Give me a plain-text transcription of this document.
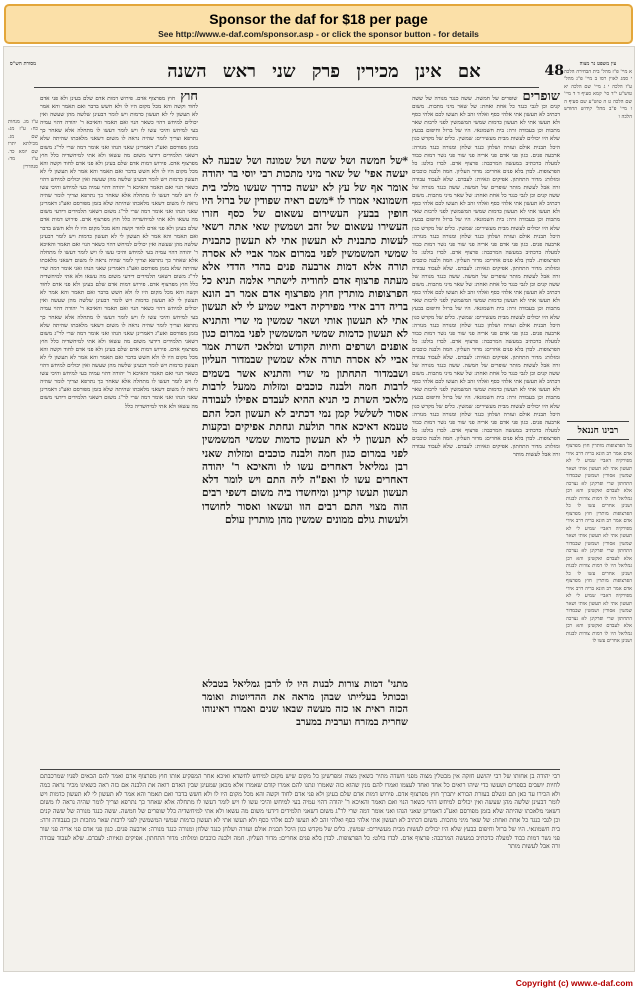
Sponsor the daf for $18 per page
See http://www.e-daf.com/sponsor.asp - or click the sponsor button - for details
48
אם אינן מכירין פרק שני ראש השנה
מסורת הש"ס
ע"ז מג. מנחות כח: ע"ז מג: שם מג. מכילתא יתרו שם יומא כד. ע"ז מד: סנהדרין
חוץ חוץ מפרצוף אדם. פירוש דמות אדם שלם בעינן ולא פני אדם לחוד וקשה והא מכל מקום היו לו ולא חשש בדבר ואם תאמר והא אמר לא תעשון לי לא תעשון כדמות ויש לומר דבעינן שלשה מהן שעשה ואין יכולים למיחש דהוי כשאר הנוי ואם תאמר והאיכא ר' יהודה דהוי עמיה בעי למיחש והיכי עשו לו ויש לומר דעשו לו מתחלה אלא שאחר כך נתרפא וצריך לומר שהיה נראה לו משום דשאני מלאכתו שהיתה שלא בזמן מפורסם ואע"ג דאמרינן שאני הנהו ואני אומר דמה שרי לר"ג משום דשאני תלמידים דידעי משום מה עשאו ולא אתי למיחשדיה כלל חוץ מפרצוף אדם. פירוש דמות אדם שלם בעינן ולא פני אדם לחוד וקשה והא מכל מקום היו לו ולא חשש בדבר ואם תאמר והא אמר לא תעשון לי לא תעשון כדמות ויש לומר דבעינן שלשה מהן שעשה ואין יכולים למיחש דהוי כשאר הנוי ואם תאמר והאיכא ר' יהודה דהוי עמיה בעי למיחש והיכי עשו לו ויש לומר דעשו לו מתחלה אלא שאחר כך נתרפא וצריך לומר שהיה נראה לו משום דשאני מלאכתו שהיתה שלא בזמן מפורסם ואע"ג דאמרינן שאני הנהו ואני אומר דמה שרי לר"ג משום דשאני תלמידים דידעי משום מה עשאו ולא אתי למיחשדיה כלל חוץ מפרצוף אדם. פירוש דמות אדם שלם בעינן ולא פני אדם לחוד וקשה והא מכל מקום היו לו ולא חשש בדבר ואם תאמר והא אמר לא תעשון לי לא תעשון כדמות ויש לומר דבעינן שלשה מהן שעשה ואין יכולים למיחש דהוי כשאר הנוי ואם תאמר והאיכא ר' יהודה דהוי עמיה בעי למיחש והיכי עשו לו ויש לומר דעשו לו מתחלה אלא שאחר כך נתרפא וצריך לומר שהיה נראה לו משום דשאני מלאכתו שהיתה שלא בזמן מפורסם ואע"ג דאמרינן שאני הנהו ואני אומר דמה שרי לר"ג משום דשאני תלמידים דידעי משום מה עשאו ולא אתי למיחשדיה כלל חוץ מפרצוף אדם. פירוש דמות אדם שלם בעינן ולא פני אדם לחוד וקשה והא מכל מקום היו לו ולא חשש בדבר ואם תאמר והא אמר לא תעשון לי לא תעשון כדמות ויש לומר דבעינן שלשה מהן שעשה ואין יכולים למיחש דהוי כשאר הנוי ואם תאמר והאיכא ר' יהודה דהוי עמיה בעי למיחש והיכי עשו לו ויש לומר דעשו לו מתחלה אלא שאחר כך נתרפא וצריך לומר שהיה נראה לו משום דשאני מלאכתו שהיתה שלא בזמן מפורסם ואע"ג דאמרינן שאני הנהו ואני אומר דמה שרי לר"ג משום דשאני תלמידים דידעי משום מה עשאו ולא אתי למיחשדיה כלל חוץ מפרצוף אדם. פירוש דמות אדם שלם בעינן ולא פני אדם לחוד וקשה והא מכל מקום היו לו ולא חשש בדבר ואם תאמר והא אמר לא תעשון לי לא תעשון כדמות ויש לומר דבעינן שלשה מהן שעשה ואין יכולים למיחש דהוי כשאר הנוי ואם תאמר והאיכא ר' יהודה דהוי עמיה בעי למיחש והיכי עשו לו ויש לומר דעשו לו מתחלה אלא שאחר כך נתרפא וצריך לומר שהיה נראה לו משום דשאני מלאכתו שהיתה שלא בזמן מפורסם ואע"ג דאמרינן שאני הנהו ואני אומר דמה שרי לר"ג משום דשאני תלמידים דידעי משום מה עשאו ולא אתי למיחשדיה כלל
*של חמשה ושל ששה ושל שמונה ושל שבעה לא יעשה אפי' של שאר מיני מתכות רבי יוסי בר יהודה אומר אף של עץ לא יעשה כדרך שעשו מלכי בית חשמונאי אמרו לו *משם ראיה שפודין של ברזל היו חופין בבעץ העשירום עשאום של כסף חזרו העשירו עשאום של זהב ושמשין שאי אתה רשאי לעשות כתבנית לא תעשון אתי לא תעשון כתבנית שמשי המשמשין לפני במרום אמר אביי לא אסרה תורה אלא דמות ארבעה פנים בהדי הדדי אלא מעתה פרצוף אדם לחודיה לישתרי אלמה תניא כל הפרצופות מותרין חוץ מפרצוף אדם אמר רב הונא בריה דרב אידי מפירקיה דאביי שמיע לי לא תעשון אתי לא תעשון אותי ושאר שמשין מי שרי והתניא לא תעשון כדמות שמשי המשמשין לפני במרום כגון אופנים ושרפים וחיות הקודש ומלאכי השרת אמר אביי לא אסרה תורה אלא שמשין שבמדור העליון ושבמדור התחתון מי שרי והתניא אשר בשמים לרבות חמה ולבנה כוכבים ומזלות ממעל לרבות מלאכי השרת כי תניא ההיא לעבדם אפילו לעבודה אסור לשלשל קמן נמי דכתיב לא תעשון הכל התם טעמא דאיכא אחר תולעת ונחתת אפיקים ובקעות לא תעשון לי לא תעשון כדמות שמשי המשמשין לפני במרום כגון חמה ולבנה כוכבים ומזלות שאני רבן גמליאל דאחרים עשו לו והאיכא ר' יהודה דאחרים עשו לו ואפ"ה ליה התם ויש לומר דלא תעשון תעשו קרינן ומיחשדו ביה משום דשפי רבים הוה מצוי התם רבים הוו ועשאו ואסור לחושדו ולעשות גולם ממונים שמשין מהן מותרין עולם
מתני' דמות צורות לבנות היו לו לרבן גמליאל בטבלא ובכותל בעלייתו שבהן מראה את ההדיוטות ואומר הכזה ראית או כזה מעשה שבאו שנים ואמרו ראינוהו שחרית במזרח וערבית במערב
שופרים שופרים של חמשה. ששה כנגד מנורה של ששה קנים וכן לגבי כנגד כל אחת ואחת: של שאר מיני מתכות. משום דכתיב לא תעשון אתי אלהי כסף ואלהי זהב לא תעשו לכם אלהי כסף ולא תעשו אתי לא תעשון כדמות שמשי המשמשין לפני לרבות שאר מתכות וכן בעבודה זרה: בית חשמונאי. היו של ברזל וחיפום בבעץ שלא היו יכולים לעשות מבית מעשירים: שמשין. כלים של מקדש כגון היכל תבנית אולם ועזרה ושלחן כנגד שלחן ומנורה כנגד מנורה: ארבעה פנים. כגון פני אדם פני אריה פני שור פני נשר דמות כבוד למעלה כדכתיב במעשה המרכבה: פרצוף אדם. לבדו בולט: כל הפרצופות. לבדן בלא פנים אחרים: מדור העליון. חמה ולבנה כוכבים ומזלות: מדור התחתון. אפיקים וגאיות: לעבדם. שלא לעבוד עבודה זרה אבל לעשות מותר שופרים של חמשה. ששה כנגד מנורה של ששה קנים וכן לגבי כנגד כל אחת ואחת: של שאר מיני מתכות. משום דכתיב לא תעשון אתי אלהי כסף ואלהי זהב לא תעשו לכם אלהי כסף ולא תעשו אתי לא תעשון כדמות שמשי המשמשין לפני לרבות שאר מתכות וכן בעבודה זרה: בית חשמונאי. היו של ברזל וחיפום בבעץ שלא היו יכולים לעשות מבית מעשירים: שמשין. כלים של מקדש כגון היכל תבנית אולם ועזרה ושלחן כנגד שלחן ומנורה כנגד מנורה: ארבעה פנים. כגון פני אדם פני אריה פני שור פני נשר דמות כבוד למעלה כדכתיב במעשה המרכבה: פרצוף אדם. לבדו בולט: כל הפרצופות. לבדן בלא פנים אחרים: מדור העליון. חמה ולבנה כוכבים ומזלות: מדור התחתון. אפיקים וגאיות: לעבדם. שלא לעבוד עבודה זרה אבל לעשות מותר שופרים של חמשה. ששה כנגד מנורה של ששה קנים וכן לגבי כנגד כל אחת ואחת: של שאר מיני מתכות. משום דכתיב לא תעשון אתי אלהי כסף ואלהי זהב לא תעשו לכם אלהי כסף ולא תעשו אתי לא תעשון כדמות שמשי המשמשין לפני לרבות שאר מתכות וכן בעבודה זרה: בית חשמונאי. היו של ברזל וחיפום בבעץ שלא היו יכולים לעשות מבית מעשירים: שמשין. כלים של מקדש כגון היכל תבנית אולם ועזרה ושלחן כנגד שלחן ומנורה כנגד מנורה: ארבעה פנים. כגון פני אדם פני אריה פני שור פני נשר דמות כבוד למעלה כדכתיב במעשה המרכבה: פרצוף אדם. לבדו בולט: כל הפרצופות. לבדן בלא פנים אחרים: מדור העליון. חמה ולבנה כוכבים ומזלות: מדור התחתון. אפיקים וגאיות: לעבדם. שלא לעבוד עבודה זרה אבל לעשות מותר שופרים של חמשה. ששה כנגד מנורה של ששה קנים וכן לגבי כנגד כל אחת ואחת: של שאר מיני מתכות. משום דכתיב לא תעשון אתי אלהי כסף ואלהי זהב לא תעשו לכם אלהי כסף ולא תעשו אתי לא תעשון כדמות שמשי המשמשין לפני לרבות שאר מתכות וכן בעבודה זרה: בית חשמונאי. היו של ברזל וחיפום בבעץ שלא היו יכולים לעשות מבית מעשירים: שמשין. כלים של מקדש כגון היכל תבנית אולם ועזרה ושלחן כנגד שלחן ומנורה כנגד מנורה: ארבעה פנים. כגון פני אדם פני אריה פני שור פני נשר דמות כבוד למעלה כדכתיב במעשה המרכבה: פרצוף אדם. לבדו בולט: כל הפרצופות. לבדן בלא פנים אחרים: מדור העליון. חמה ולבנה כוכבים ומזלות: מדור התחתון. אפיקים וגאיות: לעבדם. שלא לעבוד עבודה זרה אבל לעשות מותר
עין משפט נר מצוה
א מיי' פ"ז מהל' בית הבחירה הלכה י סמג לאוין רסו ב מיי' פ"ג מהל' ע"ז הלכה י ג מיי' שם הלכה יא טוש"ע י"ד סי' קמא סעיף ד ד מיי' שם הלכה ט ה טוש"ע שם סעיף ה ו מיי' פ"ב מהל' קידוש החודש הלכה ו
רבינו חננאל
כל הפרצופות מותרין חוץ מפרצוף אדם אמר רב הונא בריה דרב אידי מפירקיה דאביי שמיע לי לא תעשון אתי לא תעשון אותי ושאר שמשין אסורין ושמשין שבמדור התחתון שרי ופרקינן לא נצרכה אלא לעבדם ואקשינן והא רבן גמליאל היו לו דמות צורות לבנות ושנינן אחרים עשו לו כל הפרצופות מותרין חוץ מפרצוף אדם אמר רב הונא בריה דרב אידי מפירקיה דאביי שמיע לי לא תעשון אתי לא תעשון אותי ושאר שמשין אסורין ושמשין שבמדור התחתון שרי ופרקינן לא נצרכה אלא לעבדם ואקשינן והא רבן גמליאל היו לו דמות צורות לבנות ושנינן אחרים עשו לו כל הפרצופות מותרין חוץ מפרצוף אדם אמר רב הונא בריה דרב אידי מפירקיה דאביי שמיע לי לא תעשון אתי לא תעשון אותי ושאר שמשין אסורין ושמשין שבמדור התחתון שרי ופרקינן לא נצרכה אלא לעבדם ואקשינן והא רבן גמליאל היו לו דמות צורות לבנות ושנינן אחרים עשו לו
רבי יהודה בן אחותו של רבי יהושע חזקה אין מבטלין מצוה מפני חשדה מתיר כשאין מצוה ומפרשינן כל מקום שיש מקום למיחש לחשדא ואיכא אחר המפקיע אותו חוץ מפרצוף אדם ואמר להם הבאים לפניו שמרכבתם לחיות יושבים בספרים ושעשו כדי שיהו רואים כל אחד ואחד לעצמו ואמרו להם מנין שהוא כזה שאמרו ונתנו להם אמרו קודם שאמרו אלא מכאן שמעינן שבין האדם רואה את הלבנה אם כזה ראה כשאינו מכיר נראה כמה ולא הכירו עד כאן תם ונשלם בעזרת הבורא יתברך חוץ מפרצוף אדם. פירוש דמות אדם שלם בעינן ולא פני אדם לחוד וקשה והא מכל מקום היו לו ולא חשש בדבר ואם תאמר והא אמר לא תעשון לי לא תעשון כדמות ויש לומר דבעינן שלשה מהן שעשה ואין יכולים למיחש דהוי כשאר הנוי ואם תאמר והאיכא ר' יהודה דהוי עמיה בעי למיחש והיכי עשו לו ויש לומר דעשו לו מתחלה אלא שאחר כך נתרפא וצריך לומר שהיה נראה לו משום דשאני מלאכתו שהיתה שלא בזמן מפורסם ואע"ג דאמרינן שאני הנהו ואני אומר דמה שרי לר"ג משום דשאני תלמידים דידעי משום מה עשאו ולא אתי למיחשדיה כלל שופרים של חמשה. ששה כנגד מנורה של ששה קנים וכן לגבי כנגד כל אחת ואחת: של שאר מיני מתכות. משום דכתיב לא תעשון אתי אלהי כסף ואלהי זהב לא תעשו לכם אלהי כסף ולא תעשו אתי לא תעשון כדמות שמשי המשמשין לפני לרבות שאר מתכות וכן בעבודה זרה: בית חשמונאי. היו של ברזל וחיפום בבעץ שלא היו יכולים לעשות מבית מעשירים: שמשין. כלים של מקדש כגון היכל תבנית אולם ועזרה ושלחן כנגד שלחן ומנורה כנגד מנורה: ארבעה פנים. כגון פני אדם פני אריה פני שור פני נשר דמות כבוד למעלה כדכתיב במעשה המרכבה: פרצוף אדם. לבדו בולט: כל הפרצופות. לבדן בלא פנים אחרים: מדור העליון. חמה ולבנה כוכבים ומזלות: מדור התחתון. אפיקים וגאיות: לעבדם. שלא לעבוד עבודה זרה אבל לעשות מותר
Copyright (c) www.e-daf.com
